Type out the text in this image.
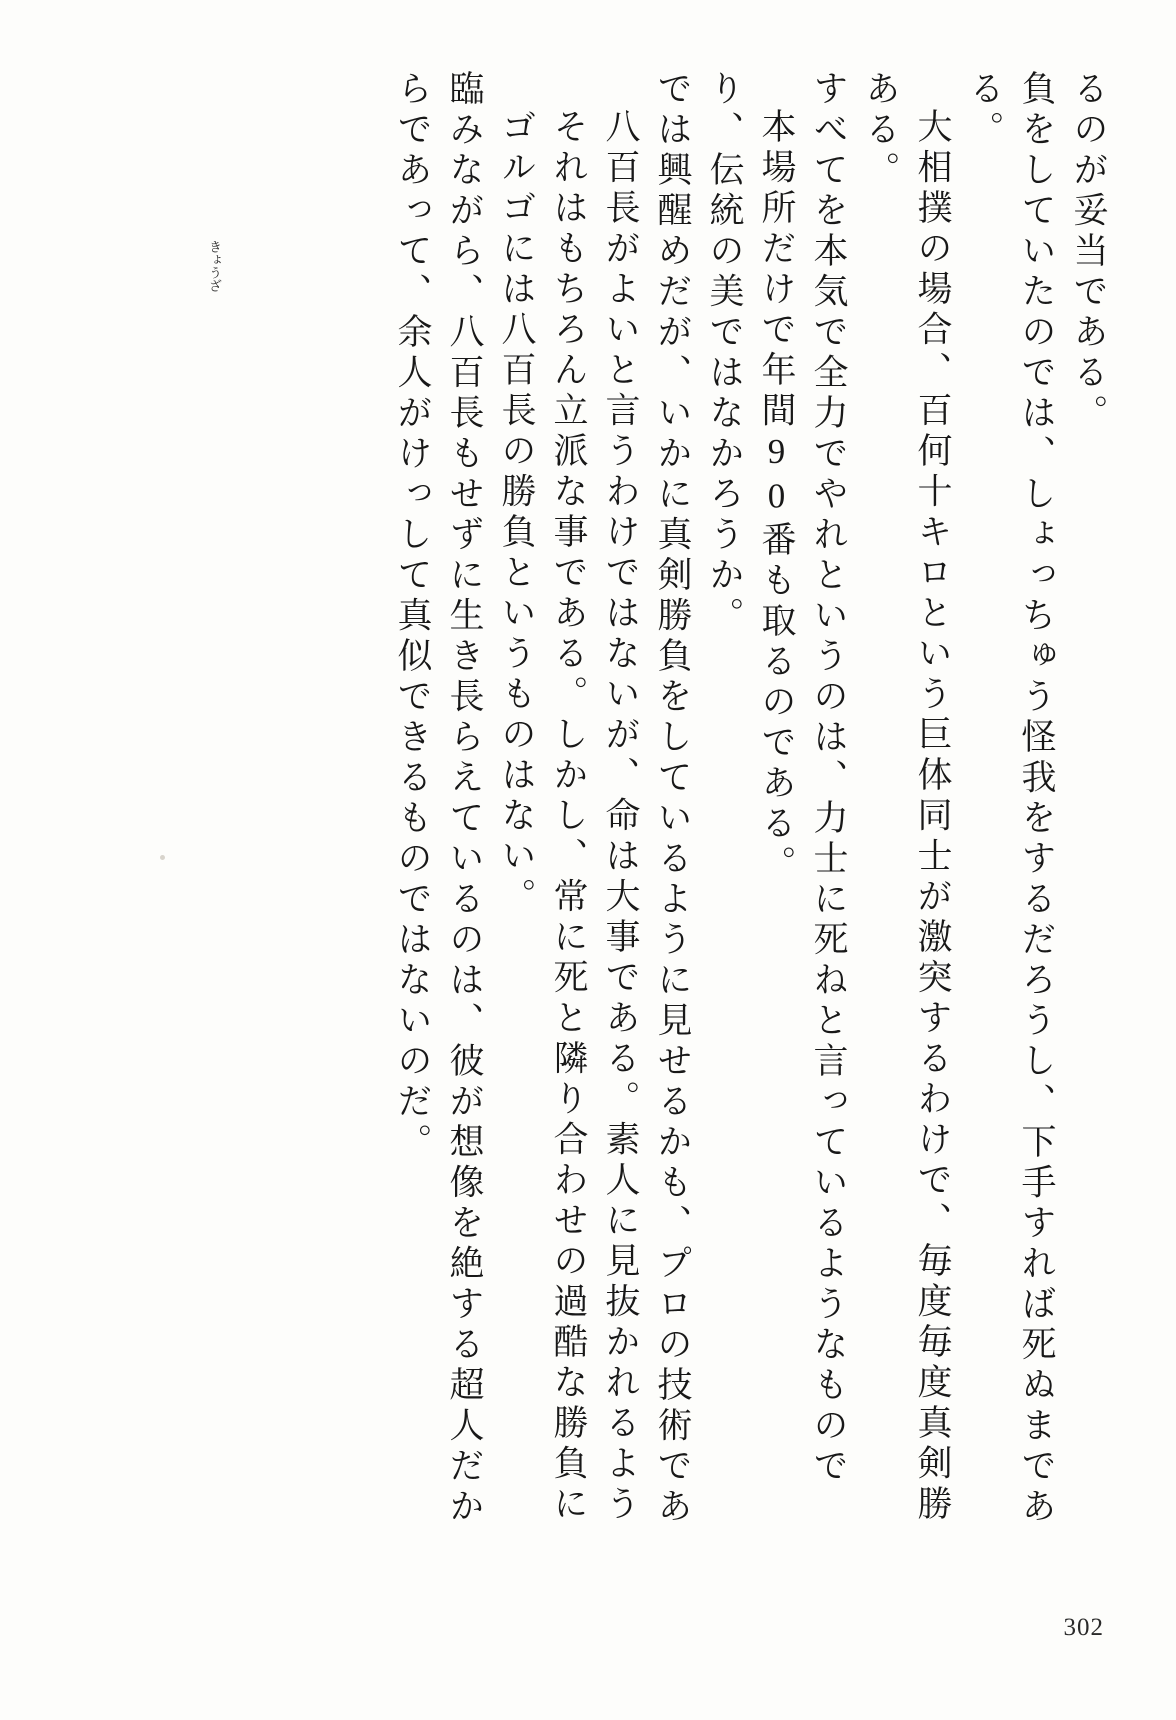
るのが妥当である。
負をしていたのでは、しょっちゅう怪我をするだろうし、下手すれば死ぬまであ
る。
大相撲の場合、百何十キロという巨体同士が激突するわけで、毎度毎度真剣勝
ある。
すべてを本気で全力でやれというのは、力士に死ねと言っているようなもので
本場所だけで年間90番も取るのである。
り、伝統の美ではなかろうか。
では興醒めだが、いかに真剣勝負をしているように見せるかも、プロの技術であ
きょうざ	八百長がよいと言うわけではないが、命は大事である。素人に見抜かれるよう
それはもちろん立派な事である。しかし、常に死と隣り合わせの過酷な勝負に
ゴルゴには八百長の勝負というものはない。
臨みながら、八百長もせずに生き長らえているのは、彼が想像を絶する超人だか
らであって、余人がけっして真似できるものではないのだ。
302
